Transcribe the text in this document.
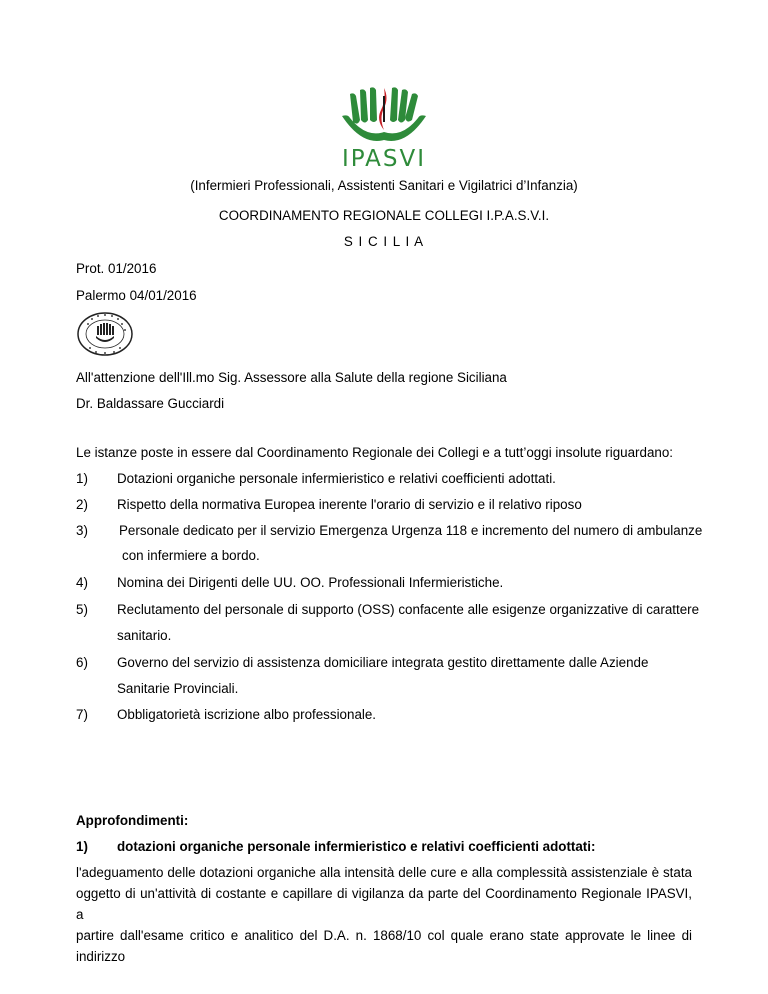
IPASVI
(Infermieri Professionali, Assistenti Sanitari e Vigilatrici d’Infanzia)
COORDINAMENTO REGIONALE COLLEGI I.P.A.S.V.I.
S I C I L I A
Prot. 01/2016
Palermo 04/01/2016
All'attenzione dell'Ill.mo Sig. Assessore alla Salute della regione Siciliana
Dr. Baldassare Gucciardi
Le istanze poste in essere dal Coordinamento Regionale dei Collegi e a tutt’oggi insolute riguardano:
1) Dotazioni organiche personale infermieristico e relativi coefficienti adottati.
2) Rispetto della normativa Europea inerente l'orario di servizio e il relativo riposo
3) Personale dedicato per il servizio Emergenza Urgenza 118 e incremento del numero di ambulanze
con infermiere a bordo.
4) Nomina dei Dirigenti delle UU. OO. Professionali Infermieristiche.
5) Reclutamento del personale di supporto (OSS) confacente alle esigenze organizzative di carattere
sanitario.
6) Governo del servizio di assistenza domiciliare integrata gestito direttamente dalle Aziende
Sanitarie Provinciali.
7) Obbligatorietà iscrizione albo professionale.
Approfondimenti:
1) dotazioni organiche personale infermieristico e relativi coefficienti adottati:
l'adeguamento delle dotazioni organiche alla intensità delle cure e alla complessità assistenziale è stata
oggetto di un'attività di costante e capillare di vigilanza da parte del Coordinamento Regionale IPASVI, a
partire dall'esame critico e analitico del D.A. n. 1868/10 col quale erano state approvate le linee di indirizzo
